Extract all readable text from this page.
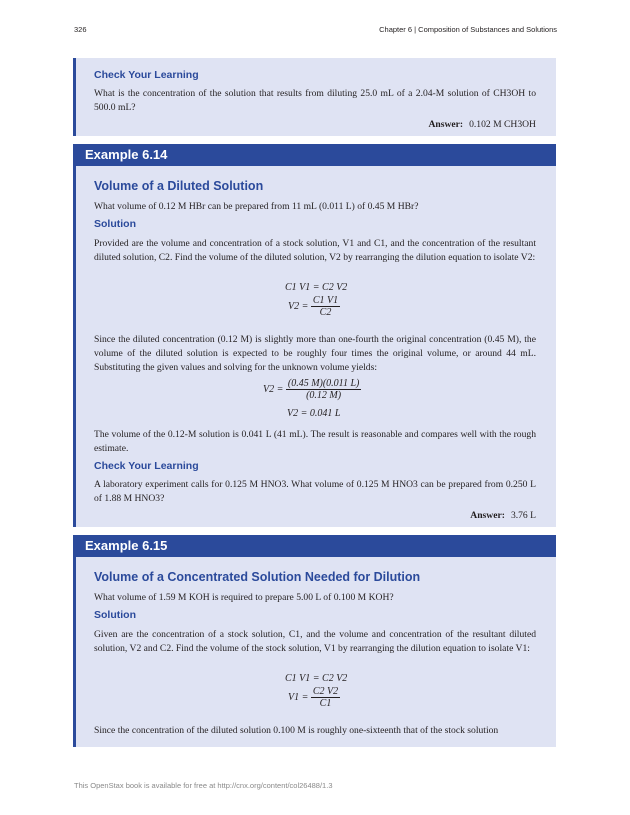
326	Chapter 6 | Composition of Substances and Solutions
Check Your Learning
What is the concentration of the solution that results from diluting 25.0 mL of a 2.04-M solution of CH3OH to 500.0 mL?
Answer: 0.102 M CH3OH
Example 6.14
Volume of a Diluted Solution
What volume of 0.12 M HBr can be prepared from 11 mL (0.011 L) of 0.45 M HBr?
Solution
Provided are the volume and concentration of a stock solution, V1 and C1, and the concentration of the resultant diluted solution, C2. Find the volume of the diluted solution, V2 by rearranging the dilution equation to isolate V2:
C1 V1 = C2 V2
$V2 = \frac{C1 V1}{C2}$
Since the diluted concentration (0.12 M) is slightly more than one-fourth the original concentration (0.45 M), the volume of the diluted solution is expected to be roughly four times the original volume, or around 44 mL. Substituting the given values and solving for the unknown volume yields:
$V2 = \frac{(0.45 M)(0.011 L)}{(0.12 M)}$
V2 = 0.041 L
The volume of the 0.12-M solution is 0.041 L (41 mL). The result is reasonable and compares well with the rough estimate.
Check Your Learning
A laboratory experiment calls for 0.125 M HNO3. What volume of 0.125 M HNO3 can be prepared from 0.250 L of 1.88 M HNO3?
Answer: 3.76 L
Example 6.15
Volume of a Concentrated Solution Needed for Dilution
What volume of 1.59 M KOH is required to prepare 5.00 L of 0.100 M KOH?
Solution
Given are the concentration of a stock solution, C1, and the volume and concentration of the resultant diluted solution, V2 and C2. Find the volume of the stock solution, V1 by rearranging the dilution equation to isolate V1:
C1 V1 = C2 V2
$V1 = \frac{C2 V2}{C1}$
Since the concentration of the diluted solution 0.100 M is roughly one-sixteenth that of the stock solution
This OpenStax book is available for free at http://cnx.org/content/col26488/1.3
